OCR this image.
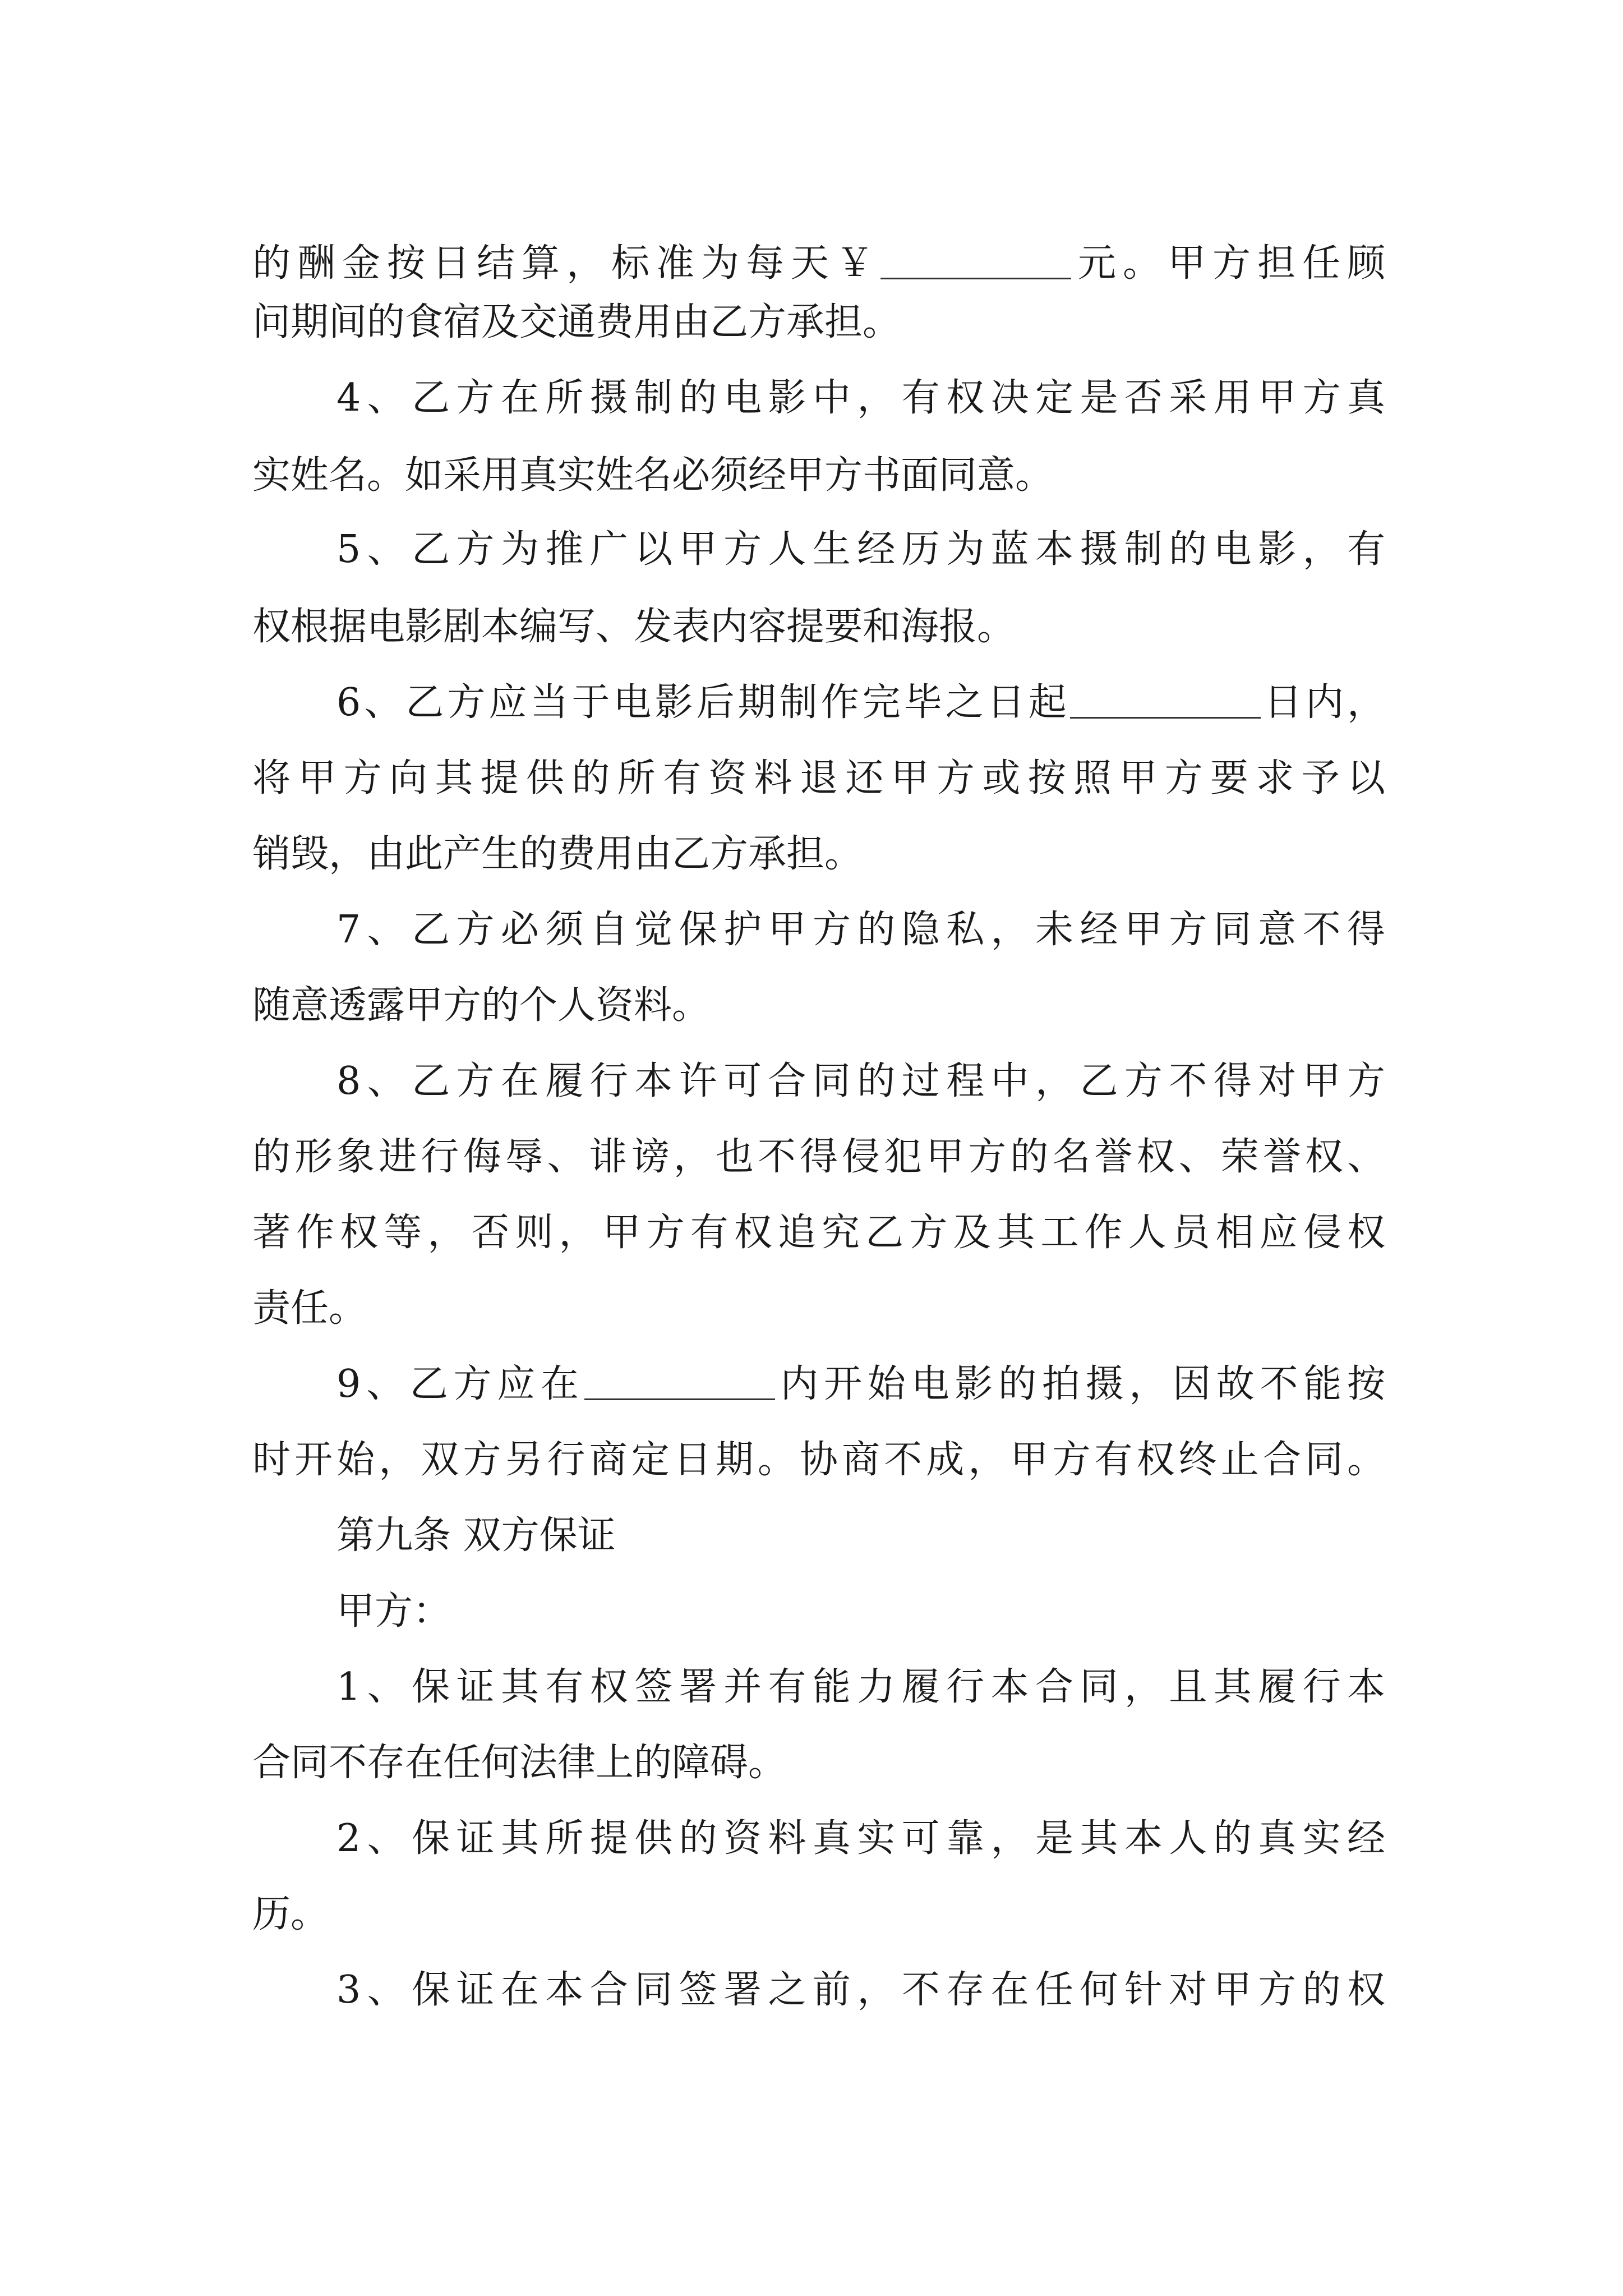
的酬金按日结算，标准为每天￥	元。甲方担任顾
问期间的食宿及交通费用由乙方承担。
4、乙方在所摄制的电影中，有权决定是否采用甲方真
实姓名。如采用真实姓名必须经甲方书面同意。
5、乙方为推广以甲方人生经历为蓝本摄制的电影，有
权根据电影剧本编写、发表内容提要和海报。
6、乙方应当于电影后期制作完毕之日起	日内，
将甲方向其提供的所有资料退还甲方或按照甲方要求予以
销毁，由此产生的费用由乙方承担。
7、乙方必须自觉保护甲方的隐私，未经甲方同意不得
随意透露甲方的个人资料。
8、乙方在履行本许可合同的过程中，乙方不得对甲方
的形象进行侮辱、诽谤，也不得侵犯甲方的名誉权、荣誉权、
著作权等，否则，甲方有权追究乙方及其工作人员相应侵权
责任。
9、乙方应在	内开始电影的拍摄，因故不能按
时开始，双方另行商定日期。协商不成，甲方有权终止合同。
第九条 双方保证
甲方：
1、保证其有权签署并有能力履行本合同，且其履行本
合同不存在任何法律上的障碍。
2、保证其所提供的资料真实可靠，是其本人的真实经
历。
3、保证在本合同签署之前，不存在任何针对甲方的权
